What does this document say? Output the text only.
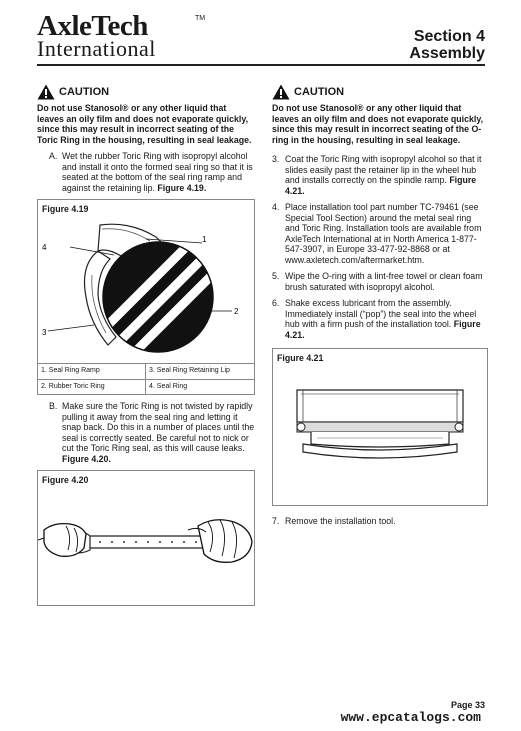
AxleTech	TM
International	Section 4
Assembly
CAUTION
Do not use Stanosol® or any other liquid that leaves an oily film and does not evaporate quickly, since this may result in incorrect seating of the Toric Ring in the housing, resulting in seal leakage.
A. Wet the rubber Toric Ring with isopropyl alcohol and install it onto the formed seal ring so that it is seated at the bottom of the seal ring ramp and against the retaining lip. Figure 4.19.
Figure 4.19
1
2
3
4
1. Seal Ring Ramp	3. Seal Ring Retaining Lip
2. Rubber Toric Ring	4. Seal Ring
B. Make sure the Toric Ring is not twisted by rapidly pulling it away from the seal ring and letting it snap back. Do this in a number of places until the seal is correctly seated. Be careful not to nick or cut the Toric Ring seal, as this will cause leaks. Figure 4.20.
Figure 4.20
CAUTION
Do not use Stanosol® or any other liquid that leaves an oily film and does not evaporate quickly, since this may result in incorrect seating of the O-ring in the housing, resulting in seal leakage.
3. Coat the Toric Ring with isopropyl alcohol so that it slides easily past the retainer lip in the wheel hub and installs correctly on the spindle ramp. Figure 4.21.
4. Place installation tool part number TC-79461 (see Special Tool Section) around the metal seal ring and Toric Ring. Installation tools are available from AxleTech International at in North America 1-877-547-3907, in Europe 33-477-92-8868 or at www.axletech.com/aftermarket.htm.
5. Wipe the O-ring with a lint-free towel or clean foam brush saturated with isopropyl alcohol.
6. Shake excess lubricant from the assembly. Immediately install (“pop”) the seal into the wheel hub with a firm push of the installation tool. Figure 4.21.
Figure 4.21
7. Remove the installation tool.
Page 33
www.epcatalogs.com
